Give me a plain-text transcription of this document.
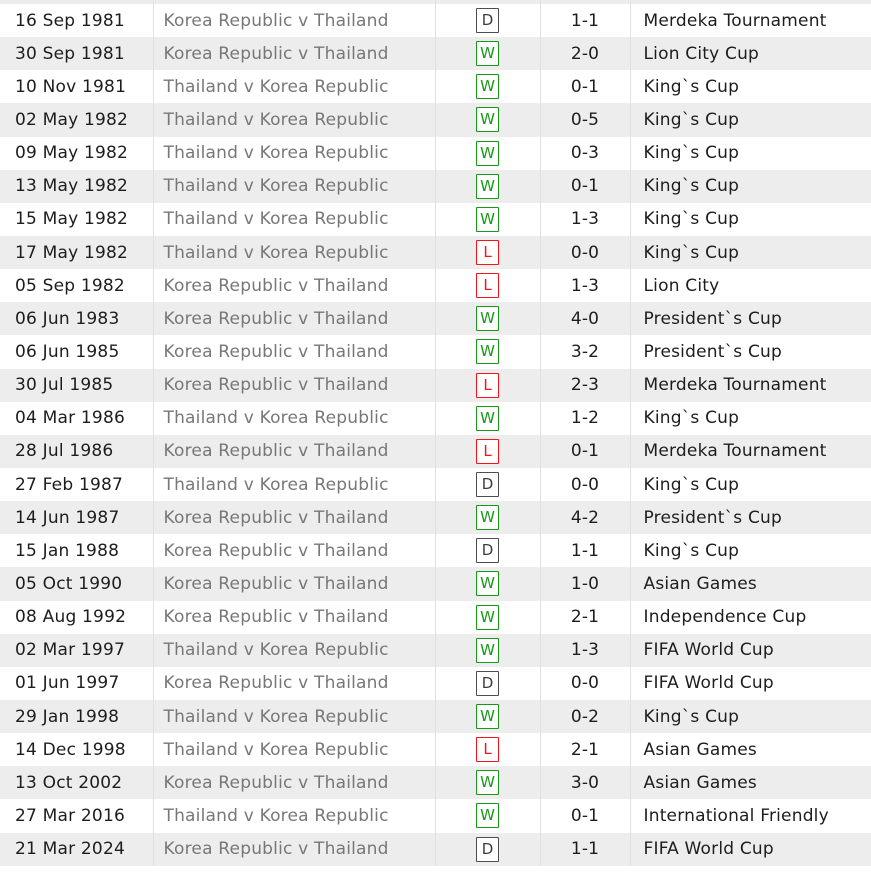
16 Sep 1981	Korea Republic v Thailand	D	1-1	Merdeka Tournament
30 Sep 1981	Korea Republic v Thailand	W	2-0	Lion City Cup
10 Nov 1981	Thailand v Korea Republic	W	0-1	King`s Cup
02 May 1982	Thailand v Korea Republic	W	0-5	King`s Cup
09 May 1982	Thailand v Korea Republic	W	0-3	King`s Cup
13 May 1982	Thailand v Korea Republic	W	0-1	King`s Cup
15 May 1982	Thailand v Korea Republic	W	1-3	King`s Cup
17 May 1982	Thailand v Korea Republic	L	0-0	King`s Cup
05 Sep 1982	Korea Republic v Thailand	L	1-3	Lion City
06 Jun 1983	Korea Republic v Thailand	W	4-0	President`s Cup
06 Jun 1985	Korea Republic v Thailand	W	3-2	President`s Cup
30 Jul 1985	Korea Republic v Thailand	L	2-3	Merdeka Tournament
04 Mar 1986	Thailand v Korea Republic	W	1-2	King`s Cup
28 Jul 1986	Korea Republic v Thailand	L	0-1	Merdeka Tournament
27 Feb 1987	Thailand v Korea Republic	D	0-0	King`s Cup
14 Jun 1987	Korea Republic v Thailand	W	4-2	President`s Cup
15 Jan 1988	Korea Republic v Thailand	D	1-1	King`s Cup
05 Oct 1990	Korea Republic v Thailand	W	1-0	Asian Games
08 Aug 1992	Korea Republic v Thailand	W	2-1	Independence Cup
02 Mar 1997	Thailand v Korea Republic	W	1-3	FIFA World Cup
01 Jun 1997	Korea Republic v Thailand	D	0-0	FIFA World Cup
29 Jan 1998	Thailand v Korea Republic	W	0-2	King`s Cup
14 Dec 1998	Thailand v Korea Republic	L	2-1	Asian Games
13 Oct 2002	Korea Republic v Thailand	W	3-0	Asian Games
27 Mar 2016	Thailand v Korea Republic	W	0-1	International Friendly
21 Mar 2024	Korea Republic v Thailand	D	1-1	FIFA World Cup
